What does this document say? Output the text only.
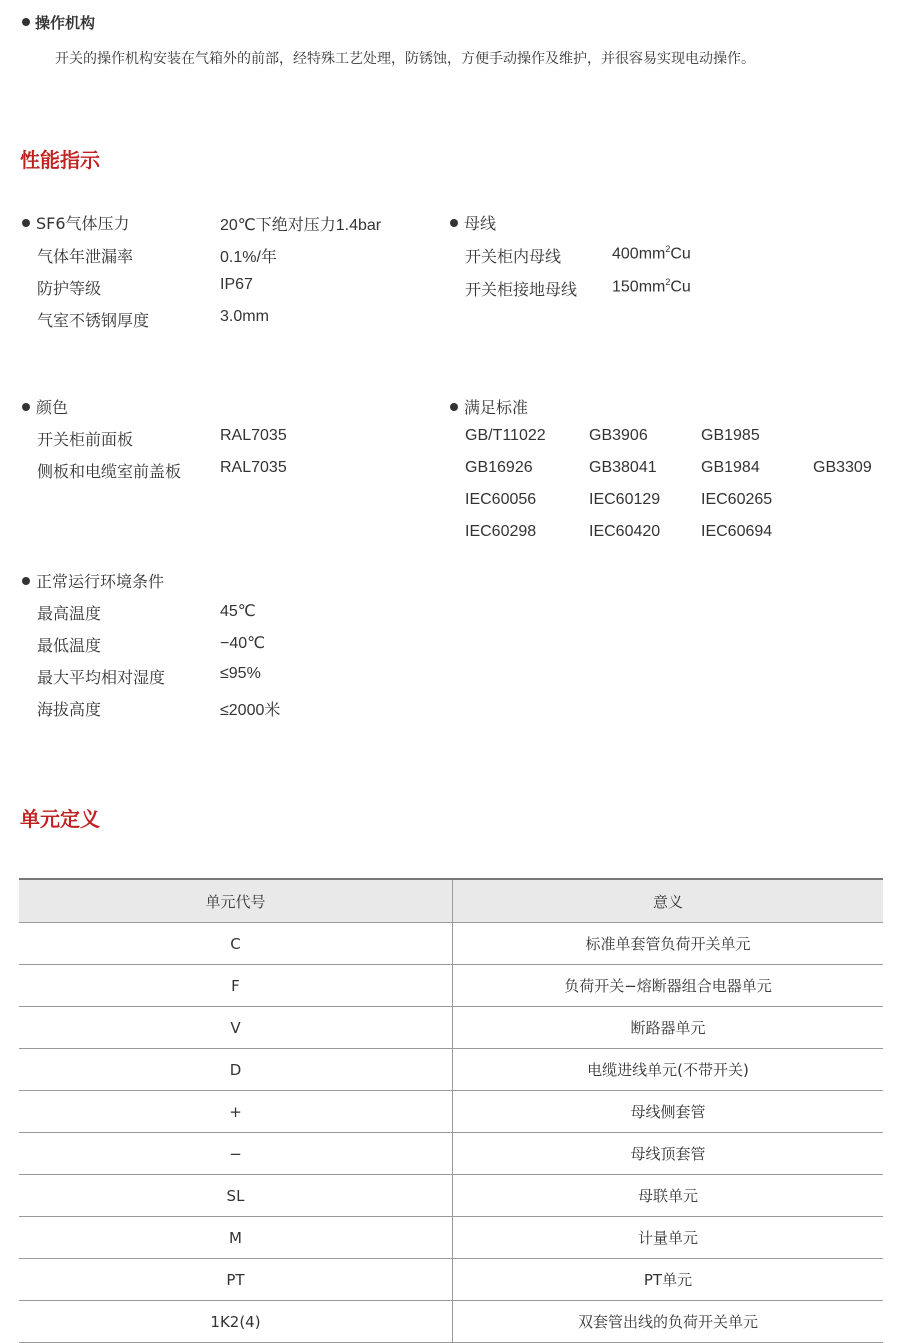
操作机构
开关的操作机构安装在气箱外的前部，经特殊工艺处理，防锈蚀，方便手动操作及维护，并很容易实现电动操作。
性能指示
SF6气体压力	20℃下绝对压力1.4bar
气体年泄漏率	0.1%/年
防护等级	IP67
气室不锈钢厚度	3.0mm
母线
开关柜内母线	$400mm^2Cu$
开关柜接地母线 $150mm^2Cu$
颜色
开关柜前面板	RAL7035
侧板和电缆室前盖板 RAL7035
满足标准
GB/T11022	GB3906	GB1985
GB16926	GB38041	GB1984	GB3309
IEC60056	IEC60129	IEC60265
IEC60298	IEC60420	IEC60694
正常运行环境条件
最高温度	45℃
最低温度	−40℃
最大平均相对湿度	≤95%
海拔高度	≤2000米
单元定义
单元代号	意义
C	标准单套管负荷开关单元
F	负荷开关−熔断器组合电器单元
V	断路器单元
D	电缆进线单元(不带开关)
+	母线侧套管
−	母线顶套管
SL	母联单元
M	计量单元
PT	PT单元
1K2(4)	双套管出线的负荷开关单元
